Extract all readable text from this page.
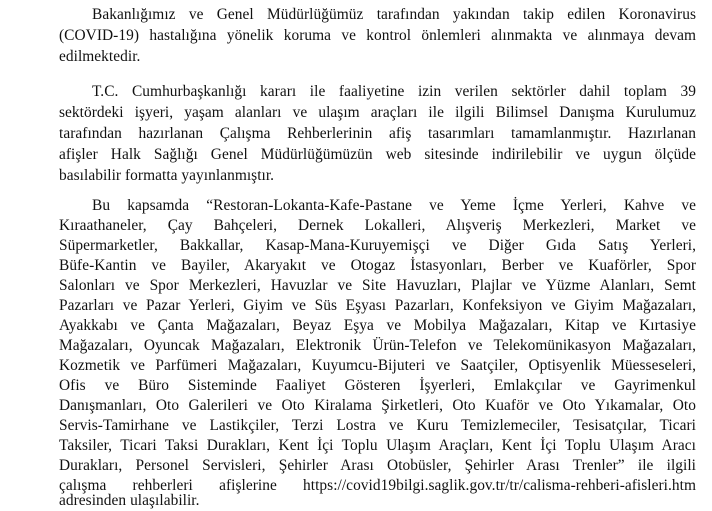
Bakanlığımız ve Genel Müdürlüğümüz tarafından yakından takip edilen Koronavirus
(COVID-19) hastalığına yönelik koruma ve kontrol önlemleri alınmakta ve alınmaya devam
edilmektedir.
T.C. Cumhurbaşkanlığı kararı ile faaliyetine izin verilen sektörler dahil toplam 39
sektördeki işyeri, yaşam alanları ve ulaşım araçları ile ilgili Bilimsel Danışma Kurulumuz
tarafından hazırlanan Çalışma Rehberlerinin afiş tasarımları tamamlanmıştır. Hazırlanan
afişler Halk Sağlığı Genel Müdürlüğümüzün web sitesinde indirilebilir ve uygun ölçüde
basılabilir formatta yayınlanmıştır.
Bu kapsamda “Restoran-Lokanta-Kafe-Pastane ve Yeme İçme Yerleri, Kahve ve
Kıraathaneler, Çay Bahçeleri, Dernek Lokalleri, Alışveriş Merkezleri, Market ve
Süpermarketler, Bakkallar, Kasap-Mana-Kuruyemişçi ve Diğer Gıda Satış Yerleri,
Büfe-Kantin ve Bayiler, Akaryakıt ve Otogaz İstasyonları, Berber ve Kuaförler, Spor
Salonları ve Spor Merkezleri, Havuzlar ve Site Havuzları, Plajlar ve Yüzme Alanları, Semt
Pazarları ve Pazar Yerleri, Giyim ve Süs Eşyası Pazarları, Konfeksiyon ve Giyim Mağazaları,
Ayakkabı ve Çanta Mağazaları, Beyaz Eşya ve Mobilya Mağazaları, Kitap ve Kırtasiye
Mağazaları, Oyuncak Mağazaları, Elektronik Ürün-Telefon ve Telekomünikasyon Mağazaları,
Kozmetik ve Parfümeri Mağazaları, Kuyumcu-Bijuteri ve Saatçiler, Optisyenlik Müesseseleri,
Ofis ve Büro Sisteminde Faaliyet Gösteren İşyerleri, Emlakçılar ve Gayrimenkul
Danışmanları, Oto Galerileri ve Oto Kiralama Şirketleri, Oto Kuaför ve Oto Yıkamalar, Oto
Servis-Tamirhane ve Lastikçiler, Terzi Lostra ve Kuru Temizlemeciler, Tesisatçılar, Ticari
Taksiler, Ticari Taksi Durakları, Kent İçi Toplu Ulaşım Araçları, Kent İçi Toplu Ulaşım Aracı
Durakları, Personel Servisleri, Şehirler Arası Otobüsler, Şehirler Arası Trenler” ile ilgili
çalışma rehberleri afişlerine https://covid19bilgi.saglik.gov.tr/tr/calisma-rehberi-afisleri.htm
adresinden ulaşılabilir.
